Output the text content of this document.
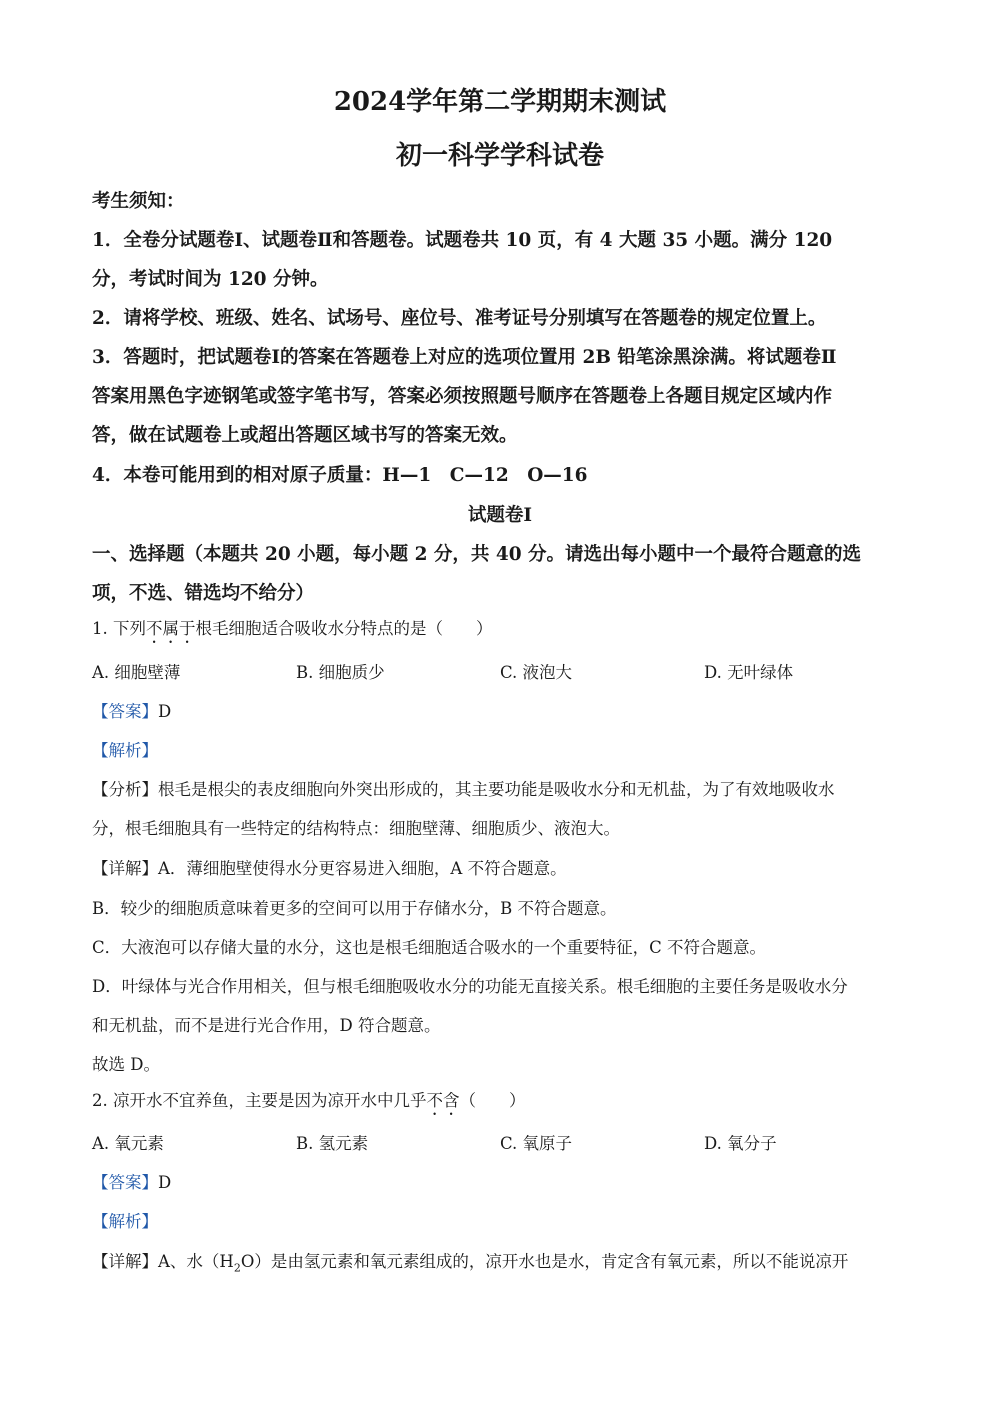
2024学年第二学期期末测试
初一科学学科试卷
考生须知：
1．全卷分试题卷Ⅰ、试题卷Ⅱ和答题卷。试题卷共 10 页，有 4 大题 35 小题。满分 120
分，考试时间为 120 分钟。
2．请将学校、班级、姓名、试场号、座位号、准考证号分别填写在答题卷的规定位置上。
3．答题时，把试题卷Ⅰ的答案在答题卷上对应的选项位置用 2B 铅笔涂黑涂满。将试题卷Ⅱ
答案用黑色字迹钢笔或签字笔书写，答案必须按照题号顺序在答题卷上各题目规定区域内作
答，做在试题卷上或超出答题区域书写的答案无效。
4．本卷可能用到的相对原子质量：H—1　C—12　O—16
试题卷Ⅰ
一、选择题（本题共 20 小题，每小题 2 分，共 40 分。请选出每小题中一个最符合题意的选
项，不选、错选均不给分）
1. 下列不属于根毛细胞适合吸收水分特点的是（　　）
A. 细胞壁薄	B. 细胞质少	C. 液泡大	D. 无叶绿体
【答案】D
【解析】
【分析】根毛是根尖的表皮细胞向外突出形成的，其主要功能是吸收水分和无机盐，为了有效地吸收水
分，根毛细胞具有一些特定的结构特点：细胞壁薄、细胞质少、液泡大。
【详解】A．薄细胞壁使得水分更容易进入细胞，A 不符合题意。
B．较少的细胞质意味着更多的空间可以用于存储水分，B 不符合题意。
C．大液泡可以存储大量的水分，这也是根毛细胞适合吸水的一个重要特征，C 不符合题意。
D．叶绿体与光合作用相关，但与根毛细胞吸收水分的功能无直接关系。根毛细胞的主要任务是吸收水分
和无机盐，而不是进行光合作用，D 符合题意。
故选 D。
2. 凉开水不宜养鱼，主要是因为凉开水中几乎不含（　　）
A. 氧元素	B. 氢元素	C. 氧原子	D. 氧分子
【答案】D
【解析】
【详解】A、水$(H_2O)$是由氢元素和氧元素组成的，凉开水也是水，肯定含有氧元素，所以不能说凉开
